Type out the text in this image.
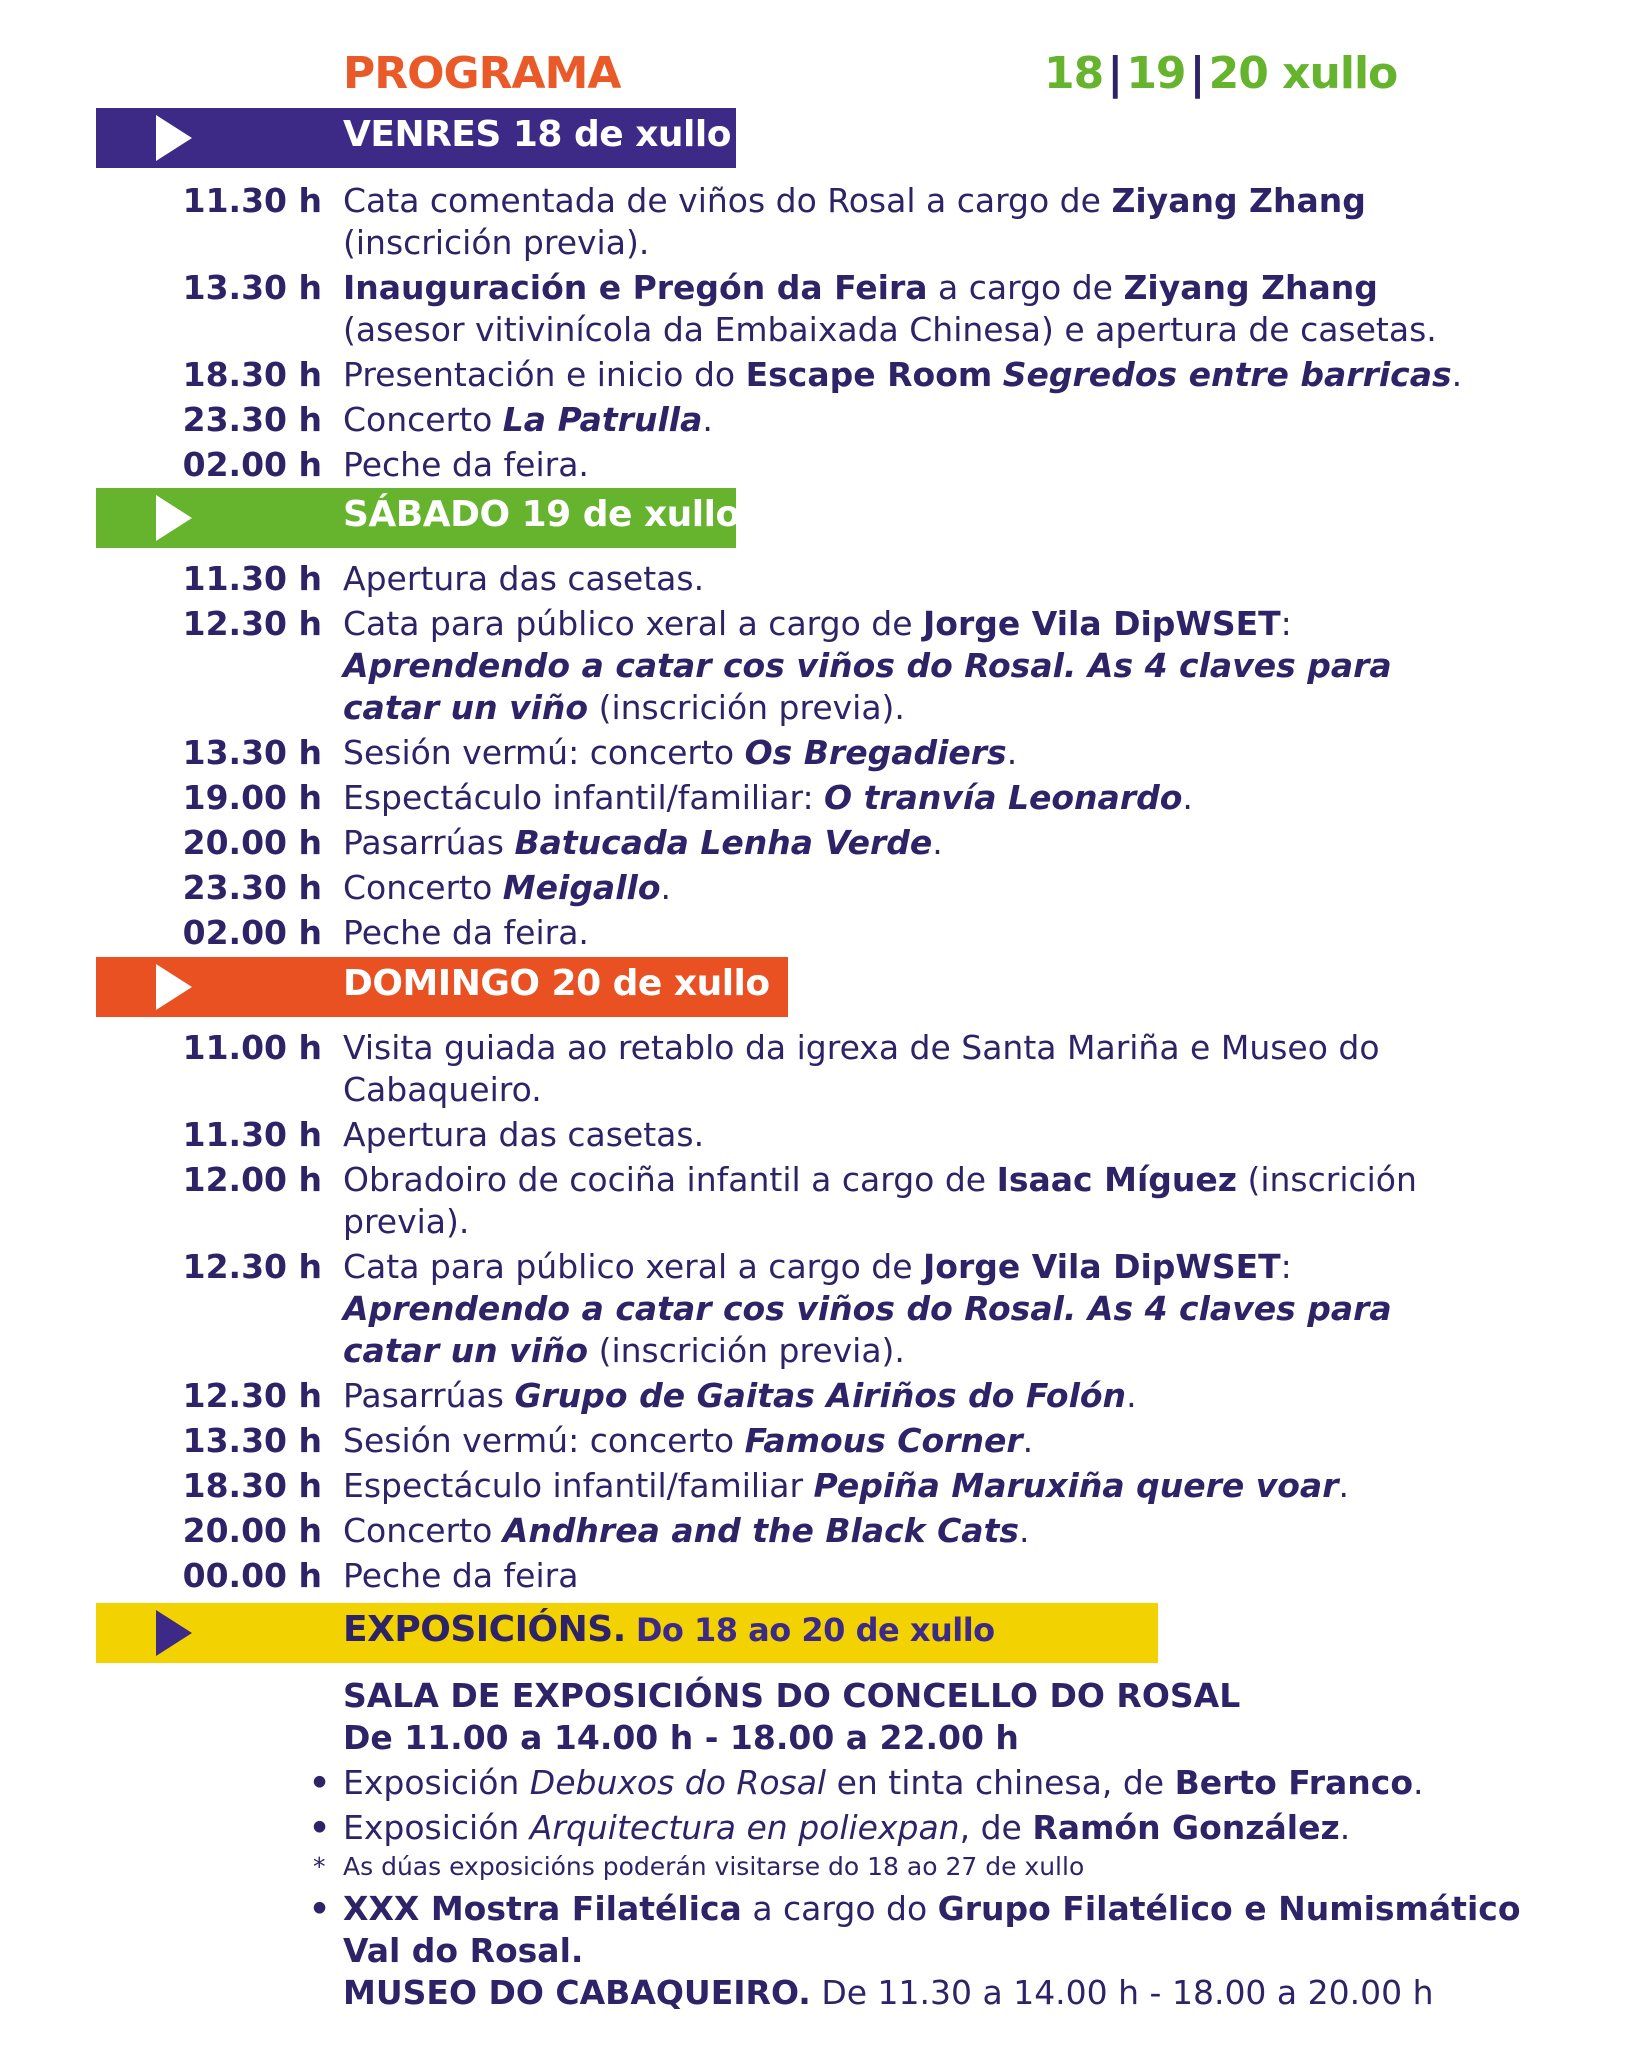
PROGRAMA	18|19|20 xullo
VENRES 18 de xullo
11.30 h Cata comentada de viños do Rosal a cargo de Ziyang Zhang (inscrición previa).
13.30 h Inauguración e Pregón da Feira a cargo de Ziyang Zhang (asesor vitivinícola da Embaixada Chinesa) e apertura de casetas.
18.30 h Presentación e inicio do Escape Room Segredos entre barricas.
23.30 h Concerto La Patrulla.
02.00 h Peche da feira.
SÁBADO 19 de xullo
11.30 h Apertura das casetas.
12.30 h Cata para público xeral a cargo de Jorge Vila DipWSET: Aprendendo a catar cos viños do Rosal. As 4 claves para catar un viño (inscrición previa).
13.30 h Sesión vermú: concerto Os Bregadiers.
19.00 h Espectáculo infantil/familiar: O tranvía Leonardo.
20.00 h Pasarrúas Batucada Lenha Verde.
23.30 h Concerto Meigallo.
02.00 h Peche da feira.
DOMINGO 20 de xullo
11.00 h Visita guiada ao retablo da igrexa de Santa Mariña e Museo do Cabaqueiro.
11.30 h Apertura das casetas.
12.00 h Obradoiro de cociña infantil a cargo de Isaac Míguez (inscrición previa).
12.30 h Cata para público xeral a cargo de Jorge Vila DipWSET: Aprendendo a catar cos viños do Rosal. As 4 claves para catar un viño (inscrición previa).
12.30 h Pasarrúas Grupo de Gaitas Airiños do Folón.
13.30 h Sesión vermú: concerto Famous Corner.
18.30 h Espectáculo infantil/familiar Pepiña Maruxiña quere voar.
20.00 h Concerto Andhrea and the Black Cats.
00.00 h Peche da feira
EXPOSICIÓNS. Do 18 ao 20 de xullo
SALA DE EXPOSICIÓNS DO CONCELLO DO ROSAL
De 11.00 a 14.00 h - 18.00 a 22.00 h
• Exposición Debuxos do Rosal en tinta chinesa, de Berto Franco.
• Exposición Arquitectura en poliexpan, de Ramón González.
* As dúas exposicións poderán visitarse do 18 ao 27 de xullo
• XXX Mostra Filatélica a cargo do Grupo Filatélico e Numismático Val do Rosal.
MUSEO DO CABAQUEIRO. De 11.30 a 14.00 h - 18.00 a 20.00 h
